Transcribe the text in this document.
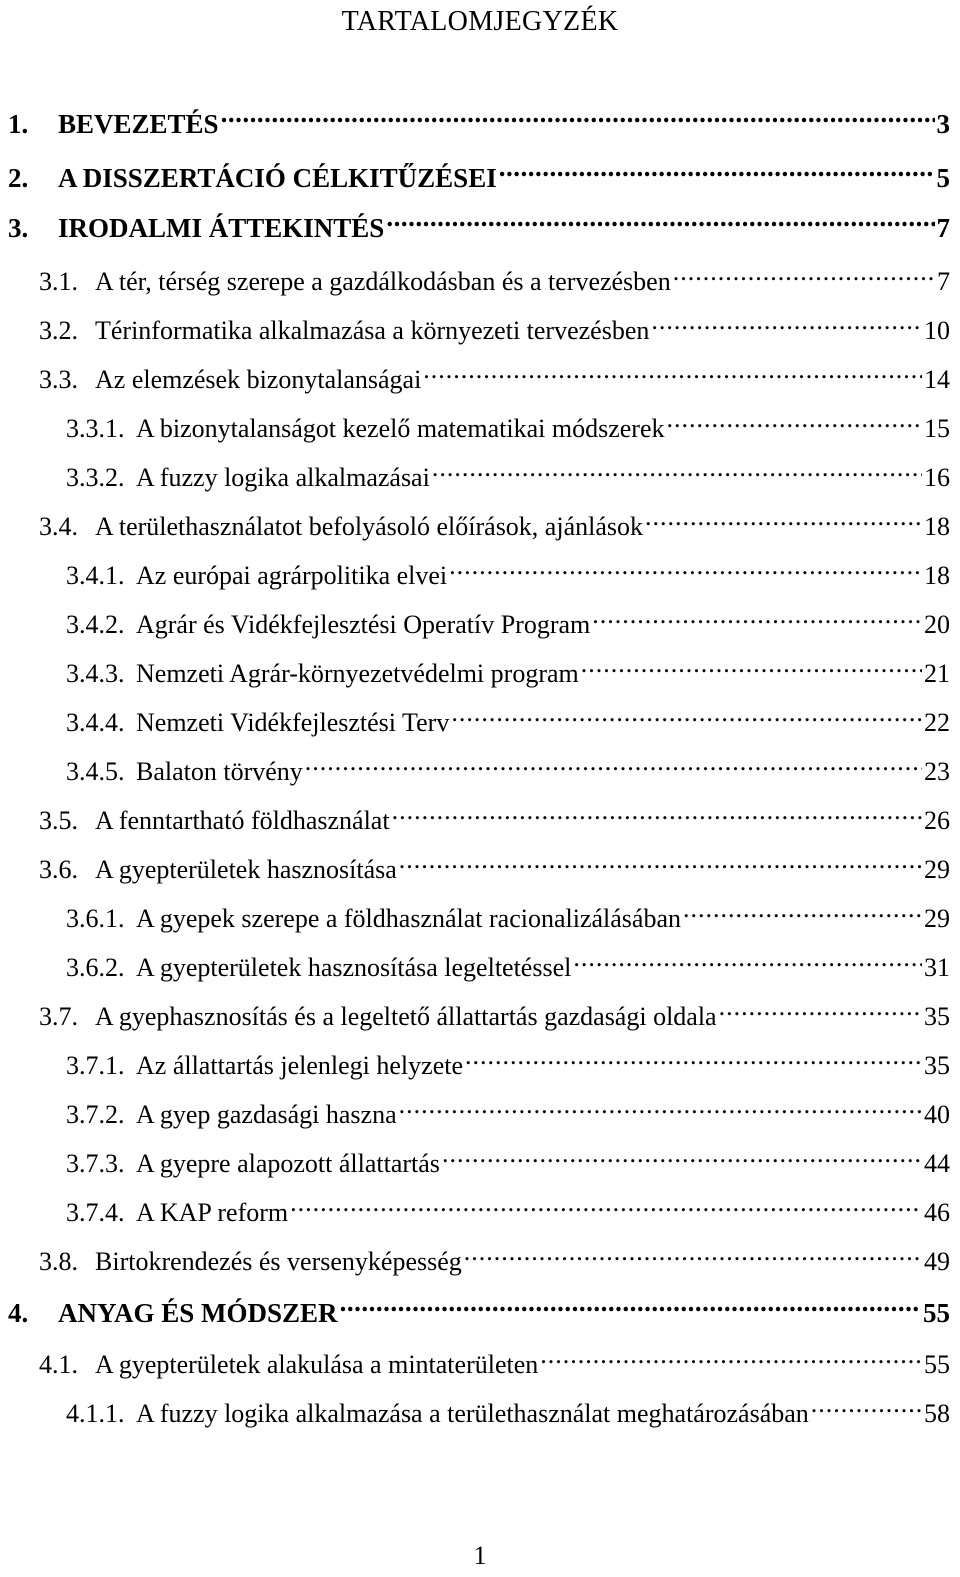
TARTALOMJEGYZÉK
1.	BEVEZETÉS .....	3
2.	A DISSZERTÁCIÓ CÉLKITŰZÉSEI .....	5
3.	IRODALMI ÁTTEKINTÉS .....	7
3.1. A tér, térség szerepe a gazdálkodásban és a tervezésben .....	7
3.2. Térinformatika alkalmazása a környezeti tervezésben .....	10
3.3. Az elemzések bizonytalanságai .....	14
3.3.1. A bizonytalanságot kezelő matematikai módszerek .....	15
3.3.2. A fuzzy logika alkalmazásai .....	16
3.4. A területhasználatot befolyásoló előírások, ajánlások .....	18
3.4.1. Az európai agrárpolitika elvei .....	18
3.4.2. Agrár és Vidékfejlesztési Operatív Program .....	20
3.4.3. Nemzeti Agrár-környezetvédelmi program .....	21
3.4.4. Nemzeti Vidékfejlesztési Terv .....	22
3.4.5. Balaton törvény .....	23
3.5. A fenntartható földhasználat .....	26
3.6. A gyepterületek hasznosítása .....	29
3.6.1. A gyepek szerepe a földhasználat racionalizálásában .....	29
3.6.2. A gyepterületek hasznosítása legeltetéssel .....	31
3.7. A gyephasznosítás és a legeltető állattartás gazdasági oldala .....	35
3.7.1. Az állattartás jelenlegi helyzete .....	35
3.7.2. A gyep gazdasági haszna .....	40
3.7.3. A gyepre alapozott állattartás .....	44
3.7.4. A KAP reform .....	46
3.8. Birtokrendezés és versenyképesség .....	49
4.	ANYAG ÉS MÓDSZER .....	55
4.1. A gyepterületek alakulása a mintaterületen .....	55
4.1.1. A fuzzy logika alkalmazása a területhasználat meghatározásában .....	58
1
